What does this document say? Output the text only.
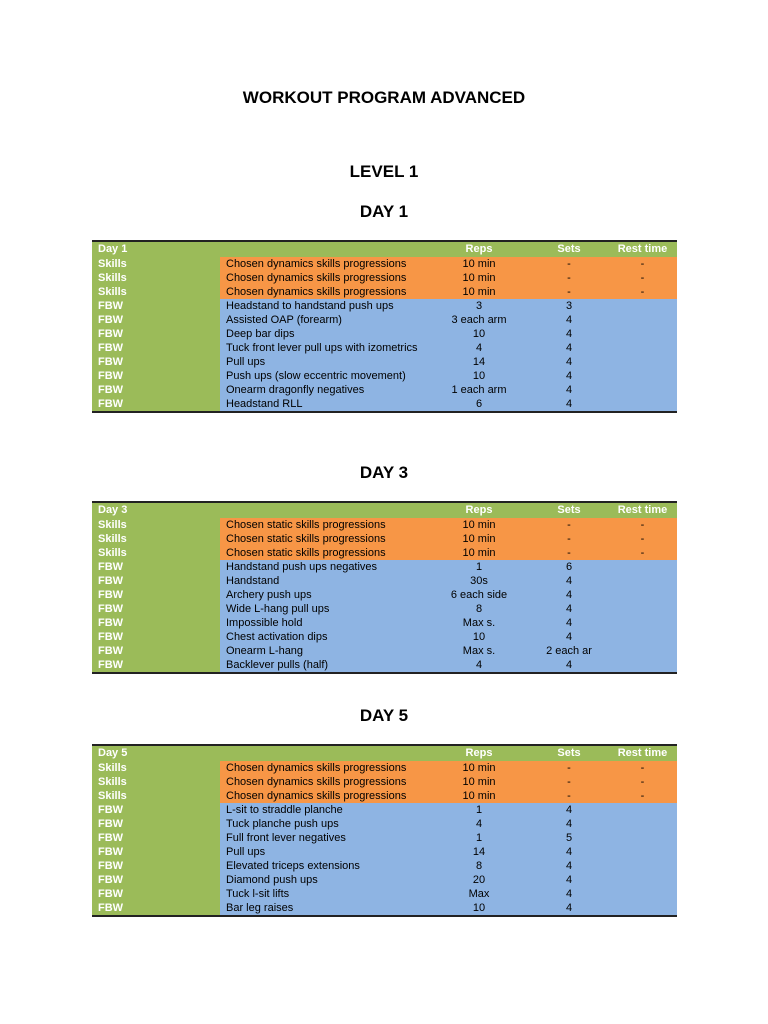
WORKOUT PROGRAM ADVANCED
LEVEL 1
DAY 1
Day 1		Reps	Sets	Rest time
Skills	Chosen dynamics skills progressions	10 min	-	-
Skills	Chosen dynamics skills progressions	10 min	-	-
Skills	Chosen dynamics skills progressions	10 min	-	-
FBW	Headstand to handstand push ups	3	3	
FBW	Assisted OAP (forearm)	3 each arm	4	
FBW	Deep bar dips	10	4	
FBW	Tuck front lever pull ups with izometrics	4	4	
FBW	Pull ups	14	4	
FBW	Push ups (slow eccentric movement)	10	4	
FBW	Onearm dragonfly negatives	1 each arm	4	
FBW	Headstand RLL	6	4	
DAY 3
Day 3		Reps	Sets	Rest time
Skills	Chosen static skills progressions	10 min	-	-
Skills	Chosen static skills progressions	10 min	-	-
Skills	Chosen static skills progressions	10 min	-	-
FBW	Handstand push ups negatives	1	6	
FBW	Handstand	30s	4	
FBW	Archery push ups	6 each side	4	
FBW	Wide L-hang pull ups	8	4	
FBW	Impossible hold	Max s.	4	
FBW	Chest activation dips	10	4	
FBW	Onearm L-hang	Max s.	2 each ar	
FBW	Backlever pulls (half)	4	4	
DAY 5
Day 5		Reps	Sets	Rest time
Skills	Chosen dynamics skills progressions	10 min	-	-
Skills	Chosen dynamics skills progressions	10 min	-	-
Skills	Chosen dynamics skills progressions	10 min	-	-
FBW	L-sit to straddle planche	1	4	
FBW	Tuck planche push ups	4	4	
FBW	Full front lever negatives	1	5	
FBW	Pull ups	14	4	
FBW	Elevated triceps extensions	8	4	
FBW	Diamond push ups	20	4	
FBW	Tuck l-sit lifts	Max	4	
FBW	Bar leg raises	10	4	
